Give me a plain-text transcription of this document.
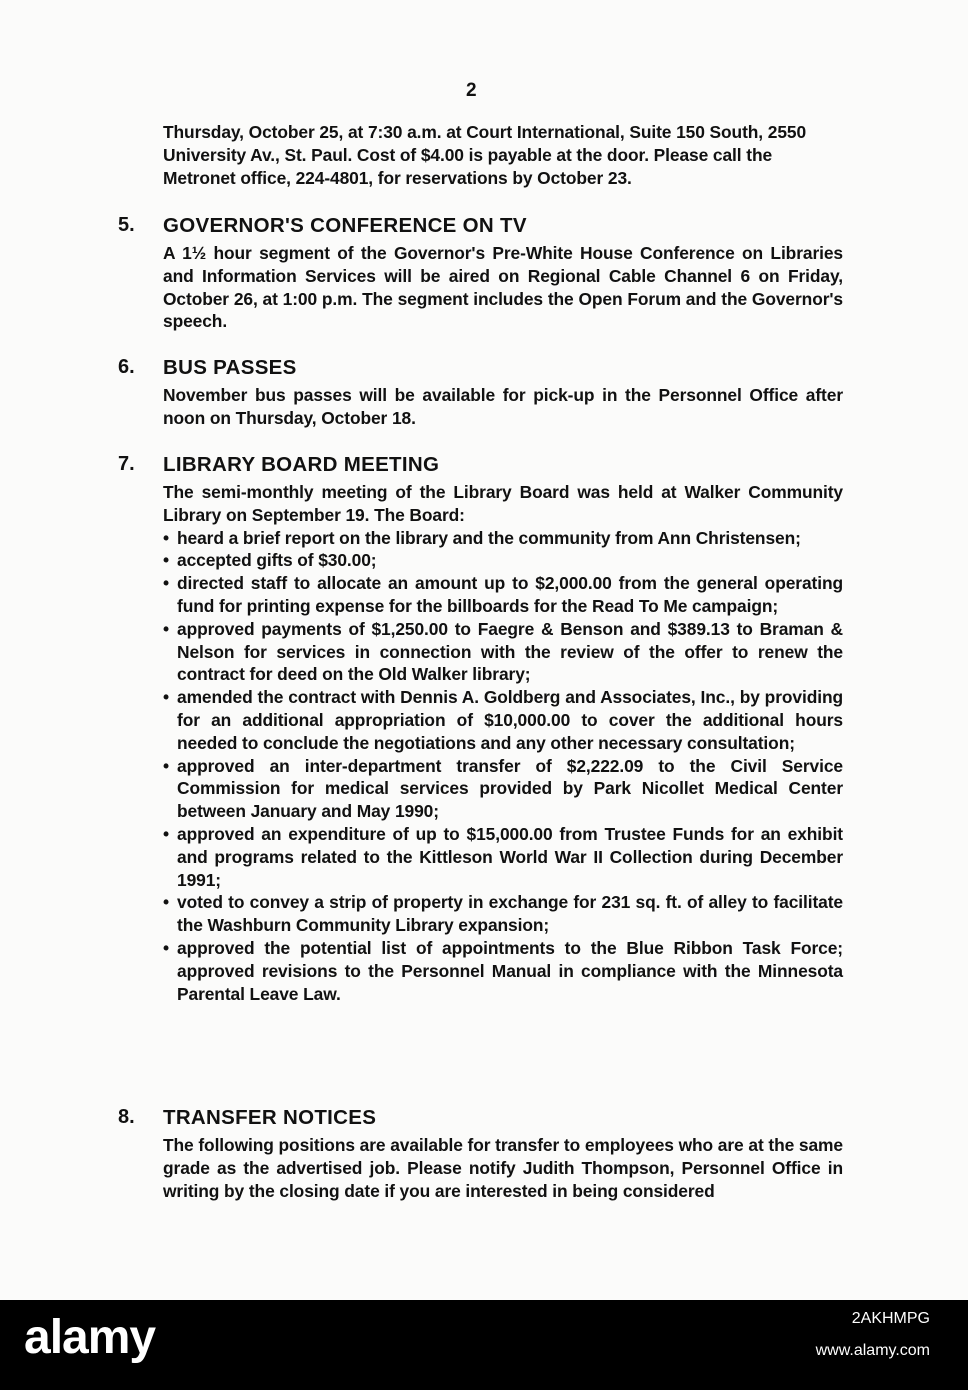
2
Thursday, October 25, at 7:30 a.m. at Court International, Suite 150 South, 2550 University Av., St. Paul. Cost of $4.00 is payable at the door. Please call the Metronet office, 224-4801, for reservations by October 23.
5. GOVERNOR'S CONFERENCE ON TV
A 1½ hour segment of the Governor's Pre-White House Conference on Libraries and Information Services will be aired on Regional Cable Channel 6 on Friday, October 26, at 1:00 p.m. The segment includes the Open Forum and the Governor's speech.
6. BUS PASSES
November bus passes will be available for pick-up in the Personnel Office after noon on Thursday, October 18.
7. LIBRARY BOARD MEETING
The semi-monthly meeting of the Library Board was held at Walker Community Library on September 19. The Board:
• heard a brief report on the library and the community from Ann Christensen;
• accepted gifts of $30.00;
• directed staff to allocate an amount up to $2,000.00 from the general operating fund for printing expense for the billboards for the Read To Me campaign;
• approved payments of $1,250.00 to Faegre & Benson and $389.13 to Braman & Nelson for services in connection with the review of the offer to renew the contract for deed on the Old Walker library;
• amended the contract with Dennis A. Goldberg and Associates, Inc., by providing for an additional appropriation of $10,000.00 to cover the additional hours needed to conclude the negotiations and any other necessary consultation;
• approved an inter-department transfer of $2,222.09 to the Civil Service Commission for medical services provided by Park Nicollet Medical Center between January and May 1990;
• approved an expenditure of up to $15,000.00 from Trustee Funds for an exhibit and programs related to the Kittleson World War II Collection during December 1991;
• voted to convey a strip of property in exchange for 231 sq. ft. of alley to facilitate the Washburn Community Library expansion;
• approved the potential list of appointments to the Blue Ribbon Task Force; approved revisions to the Personnel Manual in compliance with the Minnesota Parental Leave Law.
8. TRANSFER NOTICES
The following positions are available for transfer to employees who are at the same grade as the advertised job. Please notify Judith Thompson, Personnel Office in writing by the closing date if you are interested in being considered
alamy	2AKHMPG
www.alamy.com
